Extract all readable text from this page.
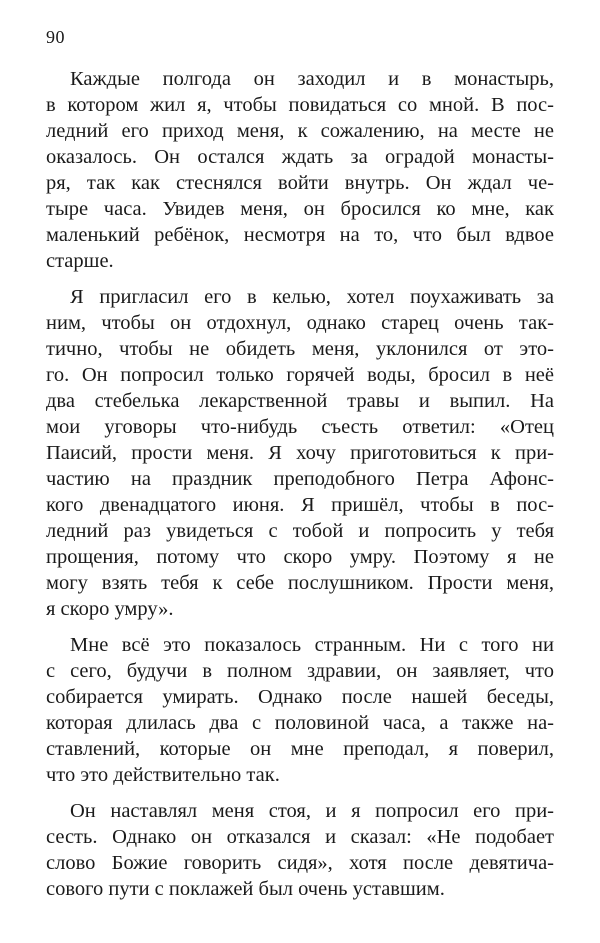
90
Каждые полгода он заходил и в монастырь,
в котором жил я, чтобы повидаться со мной. В пос-
ледний его приход меня, к сожалению, на месте не
оказалось. Он остался ждать за оградой монасты-
ря, так как стеснялся войти внутрь. Он ждал че-
тыре часа. Увидев меня, он бросился ко мне, как
маленький ребёнок, несмотря на то, что был вдвое
старше.
Я пригласил его в келью, хотел поухаживать за
ним, чтобы он отдохнул, однако старец очень так-
тично, чтобы не обидеть меня, уклонился от это-
го. Он попросил только горячей воды, бросил в неё
два стебелька лекарственной травы и выпил. На
мои уговоры что-нибудь съесть ответил: «Отец
Паисий, прости меня. Я хочу приготовиться к при-
частию на праздник преподобного Петра Афонс-
кого двенадцатого июня. Я пришёл, чтобы в пос-
ледний раз увидеться с тобой и попросить у тебя
прощения, потому что скоро умру. Поэтому я не
могу взять тебя к себе послушником. Прости меня,
я скоро умру».
Мне всё это показалось странным. Ни с того ни
с сего, будучи в полном здравии, он заявляет, что
собирается умирать. Однако после нашей беседы,
которая длилась два с половиной часа, а также на-
ставлений, которые он мне преподал, я поверил,
что это действительно так.
Он наставлял меня стоя, и я попросил его при-
сесть. Однако он отказался и сказал: «Не подобает
слово Божие говорить сидя», хотя после девятича-
сового пути с поклажей был очень уставшим.
